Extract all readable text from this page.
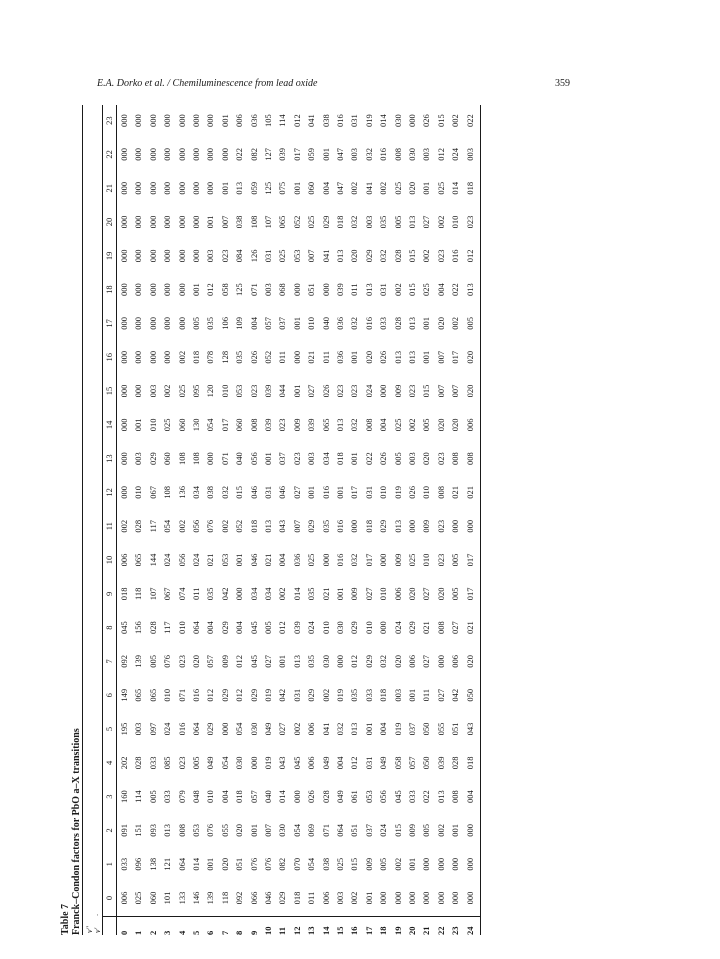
E.A. Dorko et al. / Chemiluminescence from lead oxide	359
Table 7 Franck–Condon factors for PbO a–X transitions v″ v′
0
1
2
3
4
5
6
7
8
9
10
11
12
13
14
15
16
17
18
19
20
21
22
23
0
006
033
091
160
202
195
149
092
045
018
006
002
000
000
000
000
000
000
000
000
000
000
000
000
1
025
096
151
114
028
003
065
139
156
118
065
028
010
003
001
000
000
000
000
000
000
000
000
000
2
060
138
093
005
033
097
065
005
028
107
144
117
067
029
010
003
000
000
000
000
000
000
000
000
3
101
121
013
033
085
024
010
076
117
067
024
054
108
060
025
002
000
000
000
000
000
000
000
000
4
133
064
008
079
023
016
071
023
010
074
056
002
136
108
060
025
002
000
000
000
000
000
000
000
5
146
014
053
048
005
064
016
020
064
011
024
056
034
108
130
095
018
005
001
000
000
000
000
000
6
139
001
076
010
049
029
012
057
004
035
021
076
038
000
054
120
078
035
012
003
001
000
000
000
7
118
020
055
004
054
000
029
009
029
042
053
002
032
071
017
010
128
106
058
023
007
001
000
001
8
092
051
020
018
030
054
012
012
004
000
001
052
015
040
060
053
035
109
125
084
038
013
022
006
9
066
076
001
057
000
030
029
045
045
034
046
018
046
056
008
023
026
004
071
126
108
059
082
036
10
046
076
007
040
019
049
019
027
005
034
021
013
031
001
039
039
052
057
003
031
107
125
127
105
11
029
082
030
014
043
027
042
001
012
002
004
043
046
037
023
044
011
037
068
025
065
075
039
114
12
018
070
054
000
045
002
031
013
039
014
036
007
027
023
009
001
000
001
000
053
052
001
017
012
13
011
054
069
026
006
006
029
035
024
035
025
029
001
003
039
027
021
010
051
007
025
060
059
041
14
006
038
071
028
049
041
002
030
010
021
000
035
016
034
065
026
011
040
000
041
029
004
001
038
15
003
025
064
049
004
032
019
000
030
001
016
016
001
018
013
023
036
036
039
013
018
047
047
016
16
002
015
051
061
012
013
035
012
029
009
032
000
017
001
032
023
001
032
011
020
032
002
003
031
17
001
009
037
053
031
001
033
029
010
027
017
018
031
022
008
024
020
016
013
029
003
041
032
019
18
000
005
024
056
049
004
018
032
000
010
000
029
010
026
004
000
026
033
031
032
035
002
016
014
19
000
002
015
045
058
019
003
020
024
006
009
013
019
005
025
009
013
028
002
028
005
025
008
030
20
000
001
009
033
057
037
001
006
029
020
025
000
026
003
002
023
013
013
015
015
013
020
030
000
21
000
000
005
022
050
050
011
027
021
027
010
009
010
020
005
015
001
001
025
002
027
001
003
026
22
000
000
002
013
039
055
027
000
008
020
023
023
008
023
020
007
007
020
004
023
002
025
012
015
23
000
000
001
008
028
051
042
006
027
005
005
000
021
008
020
007
017
002
022
016
010
014
024
002
24
000
000
000
004
018
043
050
020
021
017
017
000
021
008
006
020
020
005
013
012
023
018
003
022
·
